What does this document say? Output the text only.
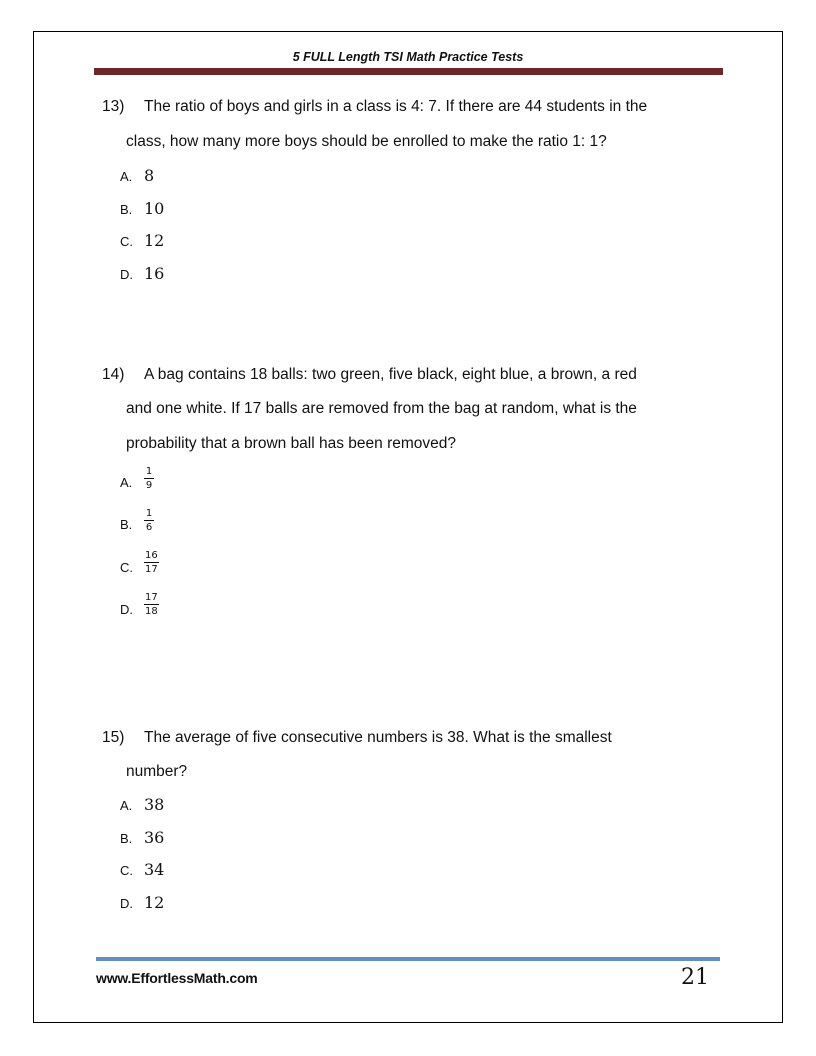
5 FULL Length TSI Math Practice Tests
13) The ratio of boys and girls in a class is 4: 7. If there are 44 students in the
class, how many more boys should be enrolled to make the ratio 1: 1?
A. 8
B. 10
C. 12
D. 16
14) A bag contains 18 balls: two green, five black, eight blue, a brown, a red
and one white. If 17 balls are removed from the bag at random, what is the
probability that a brown ball has been removed?
A.
1
9
B.
1
6
C.
16
17
D.
17
18
15) The average of five consecutive numbers is 38. What is the smallest
number?
A. 38
B. 36
C. 34
D. 12
www.EffortlessMath.com	21
